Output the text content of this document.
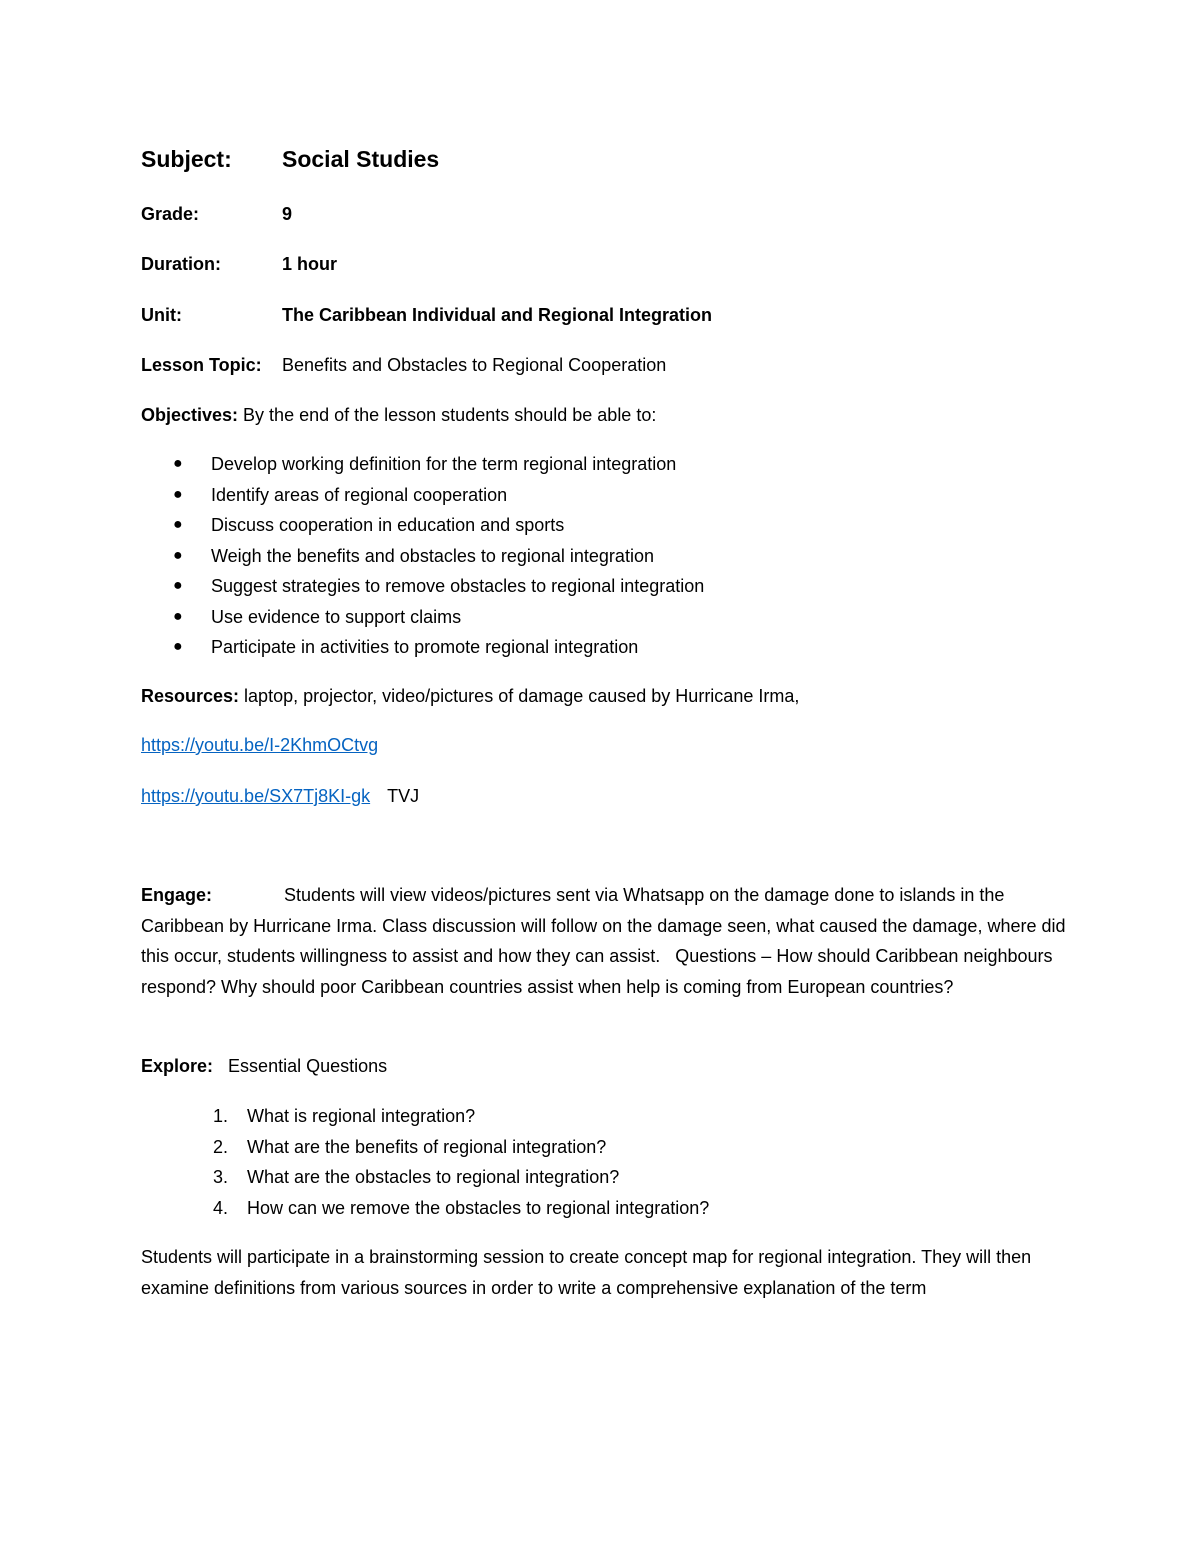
Subject: Social Studies
Grade:	9
Duration:	1 hour
Unit:	The Caribbean Individual and Regional Integration
Lesson Topic: Benefits and Obstacles to Regional Cooperation
Objectives: By the end of the lesson students should be able to:
● Develop working definition for the term regional integration
● Identify areas of regional cooperation
● Discuss cooperation in education and sports
● Weigh the benefits and obstacles to regional integration
● Suggest strategies to remove obstacles to regional integration
● Use evidence to support claims
● Participate in activities to promote regional integration
Resources: laptop, projector, video/pictures of damage caused by Hurricane Irma,
https://youtu.be/I-2KhmOCtvg
https://youtu.be/SX7Tj8KI-gk TVJ
Engage:	Students will view videos/pictures sent via Whatsapp on the damage done to islands in the Caribbean by Hurricane Irma. Class discussion will follow on the damage seen, what caused the damage, where did this occur, students willingness to assist and how they can assist.   Questions – How should Caribbean neighbours respond? Why should poor Caribbean countries assist when help is coming from European countries?
Explore: Essential Questions
1. What is regional integration?
2. What are the benefits of regional integration?
3. What are the obstacles to regional integration?
4. How can we remove the obstacles to regional integration?
Students will participate in a brainstorming session to create concept map for regional integration. They will then examine definitions from various sources in order to write a comprehensive explanation of the term
